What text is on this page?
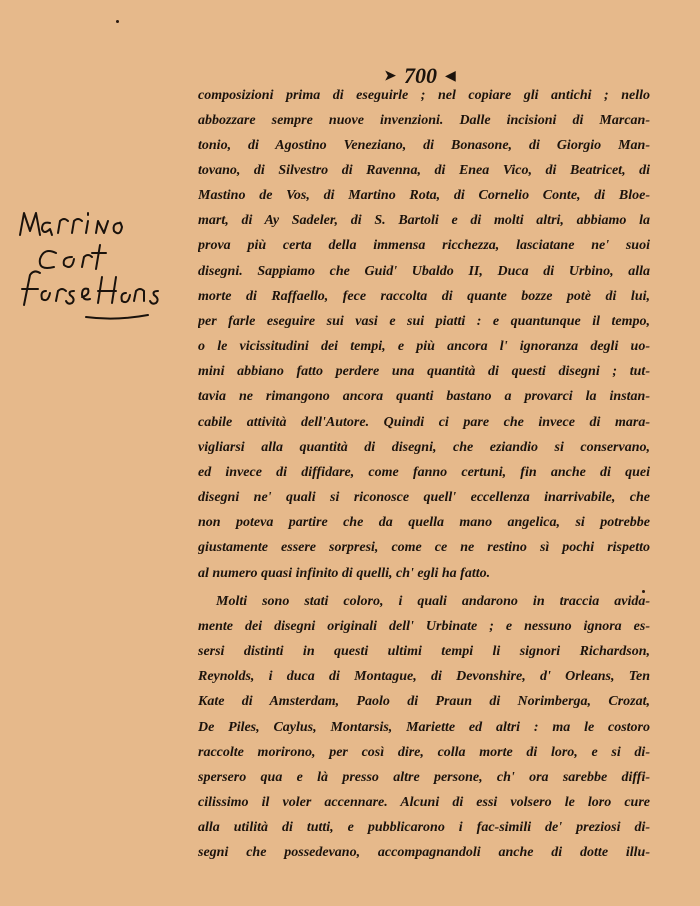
➤ 700 ◀
composizioni prima di eseguirle ; nel copiare gli antichi ; nello
abbozzare sempre nuove invenzioni. Dalle incisioni di Marcan-
tonio, di Agostino Veneziano, di Bonasone, di Giorgio Man-
tovano, di Silvestro di Ravenna, di Enea Vico, di Beatricet, di
Mastino de Vos, di Martino Rota, di Cornelio Conte, di Bloe-
mart, di Ay Sadeler, di S. Bartoli e di molti altri, abbiamo la
prova più certa della immensa ricchezza, lasciatane ne' suoi
disegni. Sappiamo che Guid' Ubaldo II, Duca di Urbino, alla
morte di Raffaello, fece raccolta di quante bozze potè di lui,
per farle eseguire sui vasi e sui piatti : e quantunque il tempo,
o le vicissitudini dei tempi, e più ancora l' ignoranza degli uo-
mini abbiano fatto perdere una quantità di questi disegni ; tut-
tavia ne rimangono ancora quanti bastano a provarci la instan-
cabile attività dell'Autore. Quindi ci pare che invece di mara-
vigliarsi alla quantità di disegni, che eziandio si conservano,
ed invece di diffidare, come fanno certuni, fin anche di quei
disegni ne' quali si riconosce quell' eccellenza inarrivabile, che
non poteva partire che da quella mano angelica, si potrebbe
giustamente essere sorpresi, come ce ne restino sì pochi rispetto
al numero quasi infinito di quelli, ch' egli ha fatto.
Molti sono stati coloro, i quali andarono in traccia avida-
mente dei disegni originali dell' Urbinate ; e nessuno ignora es-
sersi distinti in questi ultimi tempi li signori Richardson,
Reynolds, i duca di Montague, di Devonshire, d' Orleans, Ten
Kate di Amsterdam, Paolo di Praun di Norimberga, Crozat,
De Piles, Caylus, Montarsis, Mariette ed altri : ma le costoro
raccolte morirono, per così dire, colla morte di loro, e si di-
spersero qua e là presso altre persone, ch' ora sarebbe diffi-
cilissimo il voler accennare. Alcuni di essi volsero le loro cure
alla utilità di tutti, e pubblicarono i fac-simili de' preziosi di-
segni che possedevano, accompagnandoli anche di dotte illu-
